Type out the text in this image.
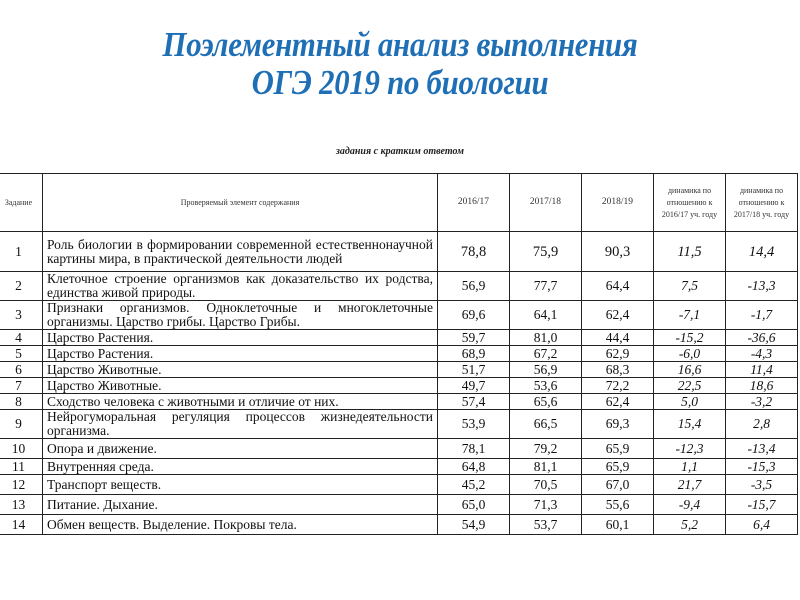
Поэлементный анализ выполнения
ОГЭ 2019 по биологии
задания с кратким ответом
Задание	Проверяемый элемент содержания	2016/17	2017/18	2018/19	динамика по отношению к 2016/17 уч. году	динамика по отношению к 2017/18 уч. году
1	Роль биологии в формировании современной естественнонаучной картины мира, в практической деятельности людей	78,8	75,9	90,3	11,5	14,4
2	Клеточное строение организмов как доказательство их родства, единства живой природы.	56,9	77,7	64,4	7,5	-13,3
3	Признаки организмов. Одноклеточные и многоклеточные организмы. Царство грибы. Царство Грибы.	69,6	64,1	62,4	-7,1	-1,7
4	Царство Растения.	59,7	81,0	44,4	-15,2	-36,6
5	Царство Растения.	68,9	67,2	62,9	-6,0	-4,3
6	Царство Животные.	51,7	56,9	68,3	16,6	11,4
7	Царство Животные.	49,7	53,6	72,2	22,5	18,6
8	Сходство человека с животными и отличие от них.	57,4	65,6	62,4	5,0	-3,2
9	Нейрогуморальная регуляция процессов жизнедеятельности организма.	53,9	66,5	69,3	15,4	2,8
10	Опора и движение.	78,1	79,2	65,9	-12,3	-13,4
11	Внутренняя среда.	64,8	81,1	65,9	1,1	-15,3
12	Транспорт веществ.	45,2	70,5	67,0	21,7	-3,5
13	Питание. Дыхание.	65,0	71,3	55,6	-9,4	-15,7
14	Обмен веществ. Выделение. Покровы тела.	54,9	53,7	60,1	5,2	6,4
